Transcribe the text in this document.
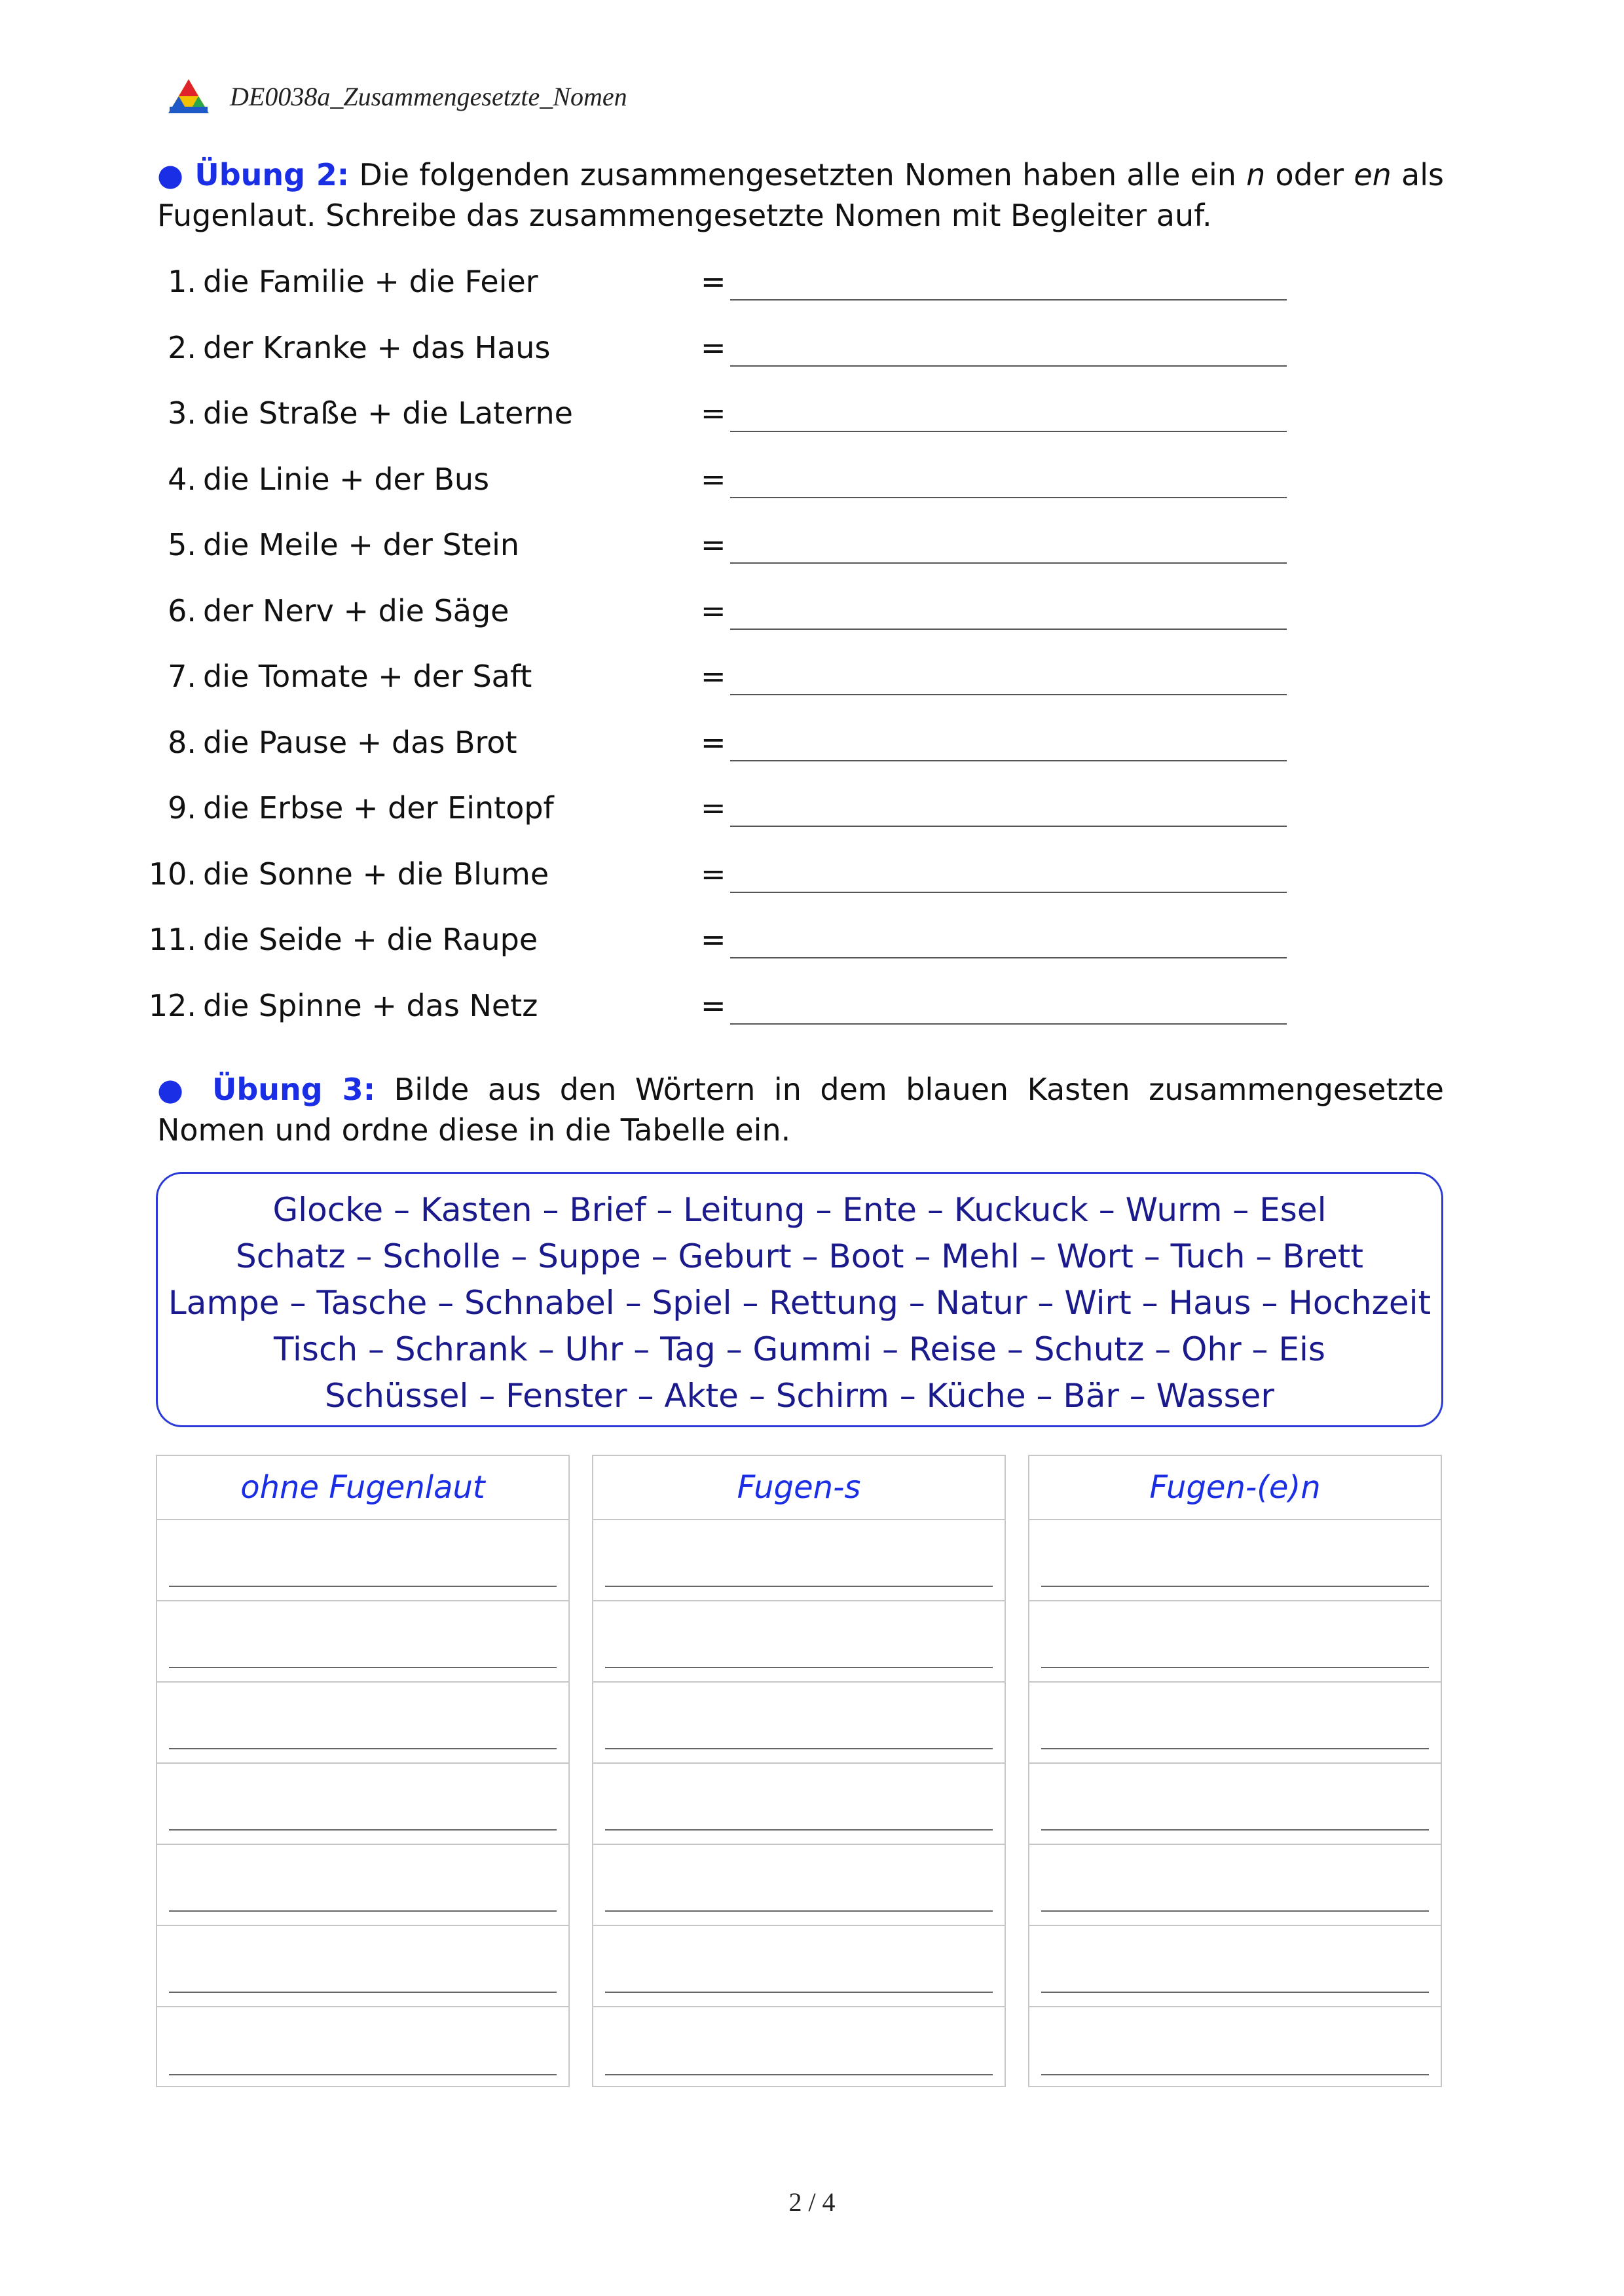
DE0038a_Zusammengesetzte_Nomen
● Übung 2: Die folgenden zusammengesetzten Nomen haben alle ein n oder en als Fugenlaut. Schreibe das zusammengesetzte Nomen mit Begleiter auf.
1. die Familie + die Feier	=
2. der Kranke + das Haus	=
3. die Straße + die Laterne	=
4. die Linie + der Bus	=
5. die Meile + der Stein	=
6. der Nerv + die Säge	=
7. die Tomate + der Saft	=
8. die Pause + das Brot	=
9. die Erbse + der Eintopf	=
10. die Sonne + die Blume	=
11. die Seide + die Raupe	=
12. die Spinne + das Netz	=
● Übung 3: Bilde aus den Wörtern in dem blauen Kasten zusammengesetzte Nomen und ordne diese in die Tabelle ein.
Glocke – Kasten – Brief – Leitung – Ente – Kuckuck – Wurm – Esel
Schatz – Scholle – Suppe – Geburt – Boot – Mehl – Wort – Tuch – Brett
Lampe – Tasche – Schnabel – Spiel – Rettung – Natur – Wirt – Haus – Hochzeit
Tisch – Schrank – Uhr – Tag – Gummi – Reise – Schutz – Ohr – Eis
Schüssel – Fenster – Akte – Schirm – Küche – Bär – Wasser
ohne Fugenlaut	Fugen-s	Fugen-(e)n
2 / 4
